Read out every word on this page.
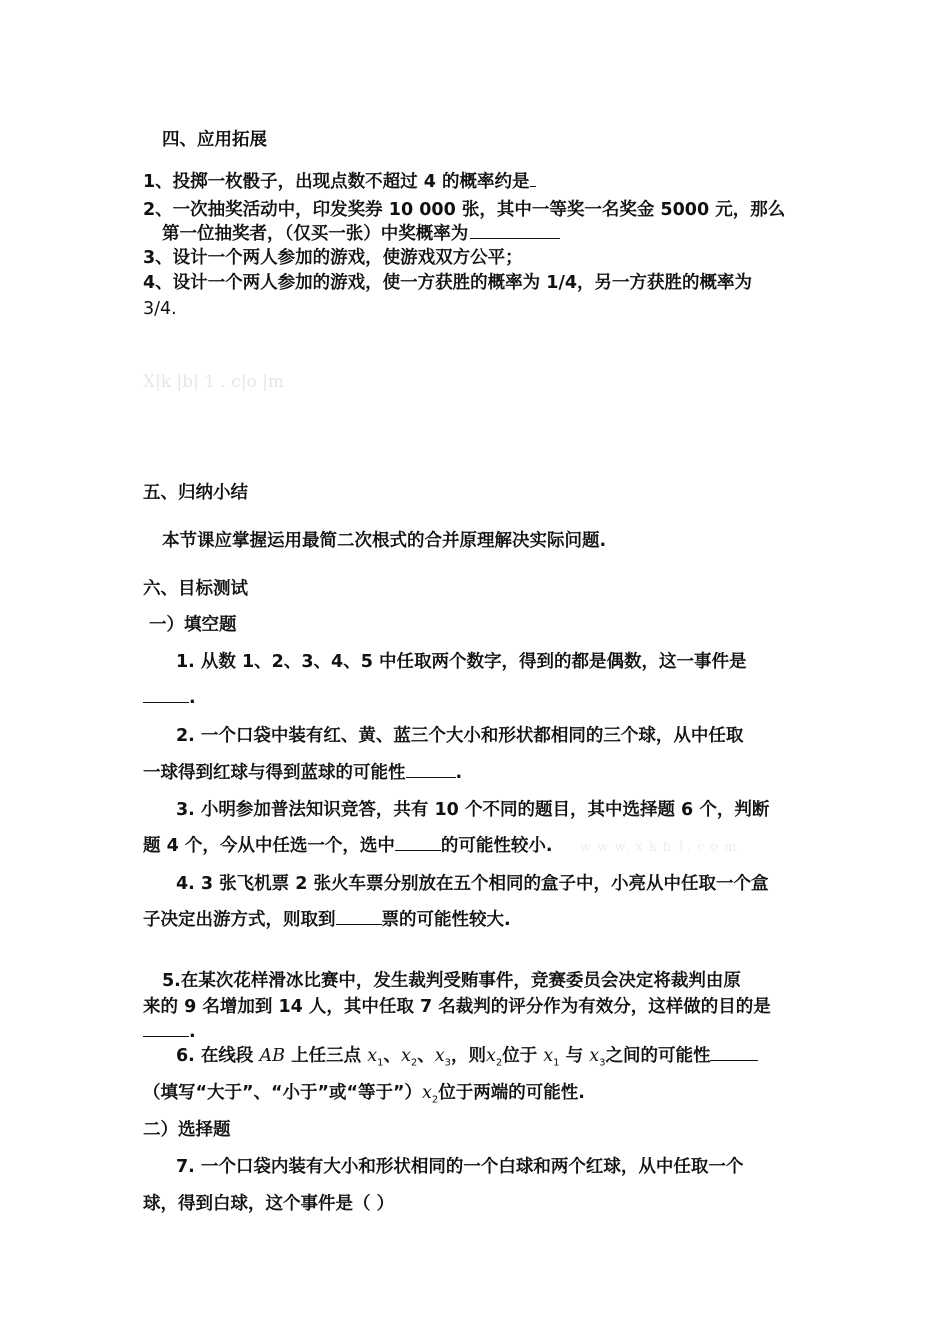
四、应用拓展
1、投掷一枚骰子，出现点数不超过 4 的概率约是
2、一次抽奖活动中，印发奖券 10 000 张，其中一等奖一名奖金 5000 元，那么
第一位抽奖者，（仅买一张）中奖概率为
3、设计一个两人参加的游戏，使游戏双方公平；
4、设计一个两人参加的游戏，使一方获胜的概率为 1/4，另一方获胜的概率为
3/4.
X|k |b| 1 . c|o |m
五、归纳小结
本节课应掌握运用最简二次根式的合并原理解决实际问题.
六、目标测试
一）填空题
1. 从数 1、2、3、4、5 中任取两个数字，得到的都是偶数，这一事件是
.
2. 一个口袋中装有红、黄、蓝三个大小和形状都相同的三个球，从中任取
一球得到红球与得到蓝球的可能性	.
3. 小明参加普法知识竞答，共有 10 个不同的题目，其中选择题 6 个，判断
题 4 个，今从中任选一个，选中	的可能性较小. w w w. x k b 1. c o m
4. 3 张飞机票 2 张火车票分别放在五个相同的盒子中，小亮从中任取一个盒
子决定出游方式，则取到	票的可能性较大.
5.在某次花样滑冰比赛中，发生裁判受贿事件，竞赛委员会决定将裁判由原
来的 9 名增加到 14 人，其中任取 7 名裁判的评分作为有效分，这样做的目的是
.
6. 在线段 AB 上任三点 $x_1$、$x_2$、$x_3$，则$x_2$位于 $x_1$ 与 $x_3$之间的可能性
（填写“大于”、“小于”或“等于$”)x_2$位于两端的可能性.
二）选择题
7. 一个口袋内装有大小和形状相同的一个白球和两个红球，从中任取一个
球，得到白球，这个事件是（ ）
